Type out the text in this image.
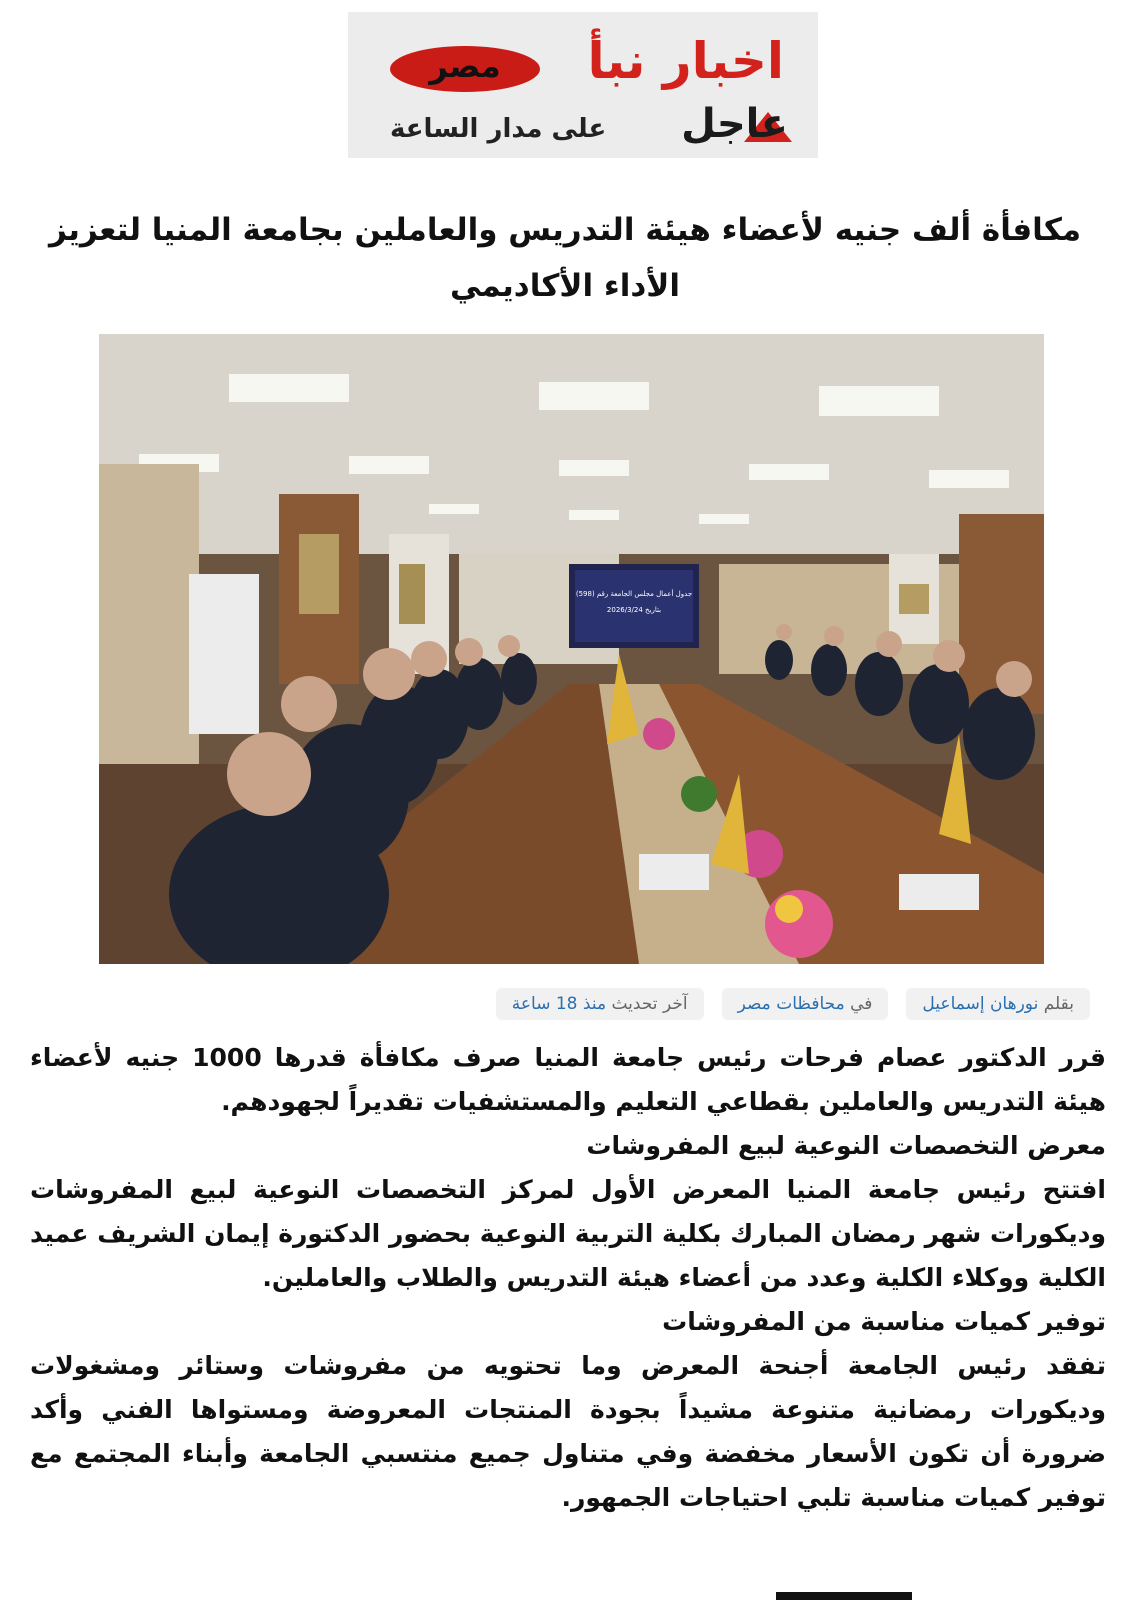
مصر	اخبار نبأ
عاجل
على مدار الساعة
مكافأة ألف جنيه لأعضاء هيئة التدريس والعاملين بجامعة المنيا لتعزيز الأداء الأكاديمي
جدول أعمال مجلس الجامعة رقم (598)
بتاريخ 2026/3/24
بقلم نورهان إسماعيل
في محافظات مصر
آخر تحديث منذ 18 ساعة

قرر الدكتور عصام فرحات رئيس جامعة المنيا صرف مكافأة قدرها 1000 جنيه لأعضاء هيئة التدريس والعاملين بقطاعي التعليم والمستشفيات تقديراً لجهودهم.

معرض التخصصات النوعية لبيع المفروشات

افتتح رئيس جامعة المنيا المعرض الأول لمركز التخصصات النوعية لبيع المفروشات وديكورات شهر رمضان المبارك بكلية التربية النوعية بحضور الدكتورة إيمان الشريف عميد الكلية ووكلاء الكلية وعدد من أعضاء هيئة التدريس والطلاب والعاملين.

توفير كميات مناسبة من المفروشات

تفقد رئيس الجامعة أجنحة المعرض وما تحتويه من مفروشات وستائر ومشغولات وديكورات رمضانية متنوعة مشيداً بجودة المنتجات المعروضة ومستواها الفني وأكد ضرورة أن تكون الأسعار مخفضة وفي متناول جميع منتسبي الجامعة وأبناء المجتمع مع توفير كميات مناسبة تلبي احتياجات الجمهور.
